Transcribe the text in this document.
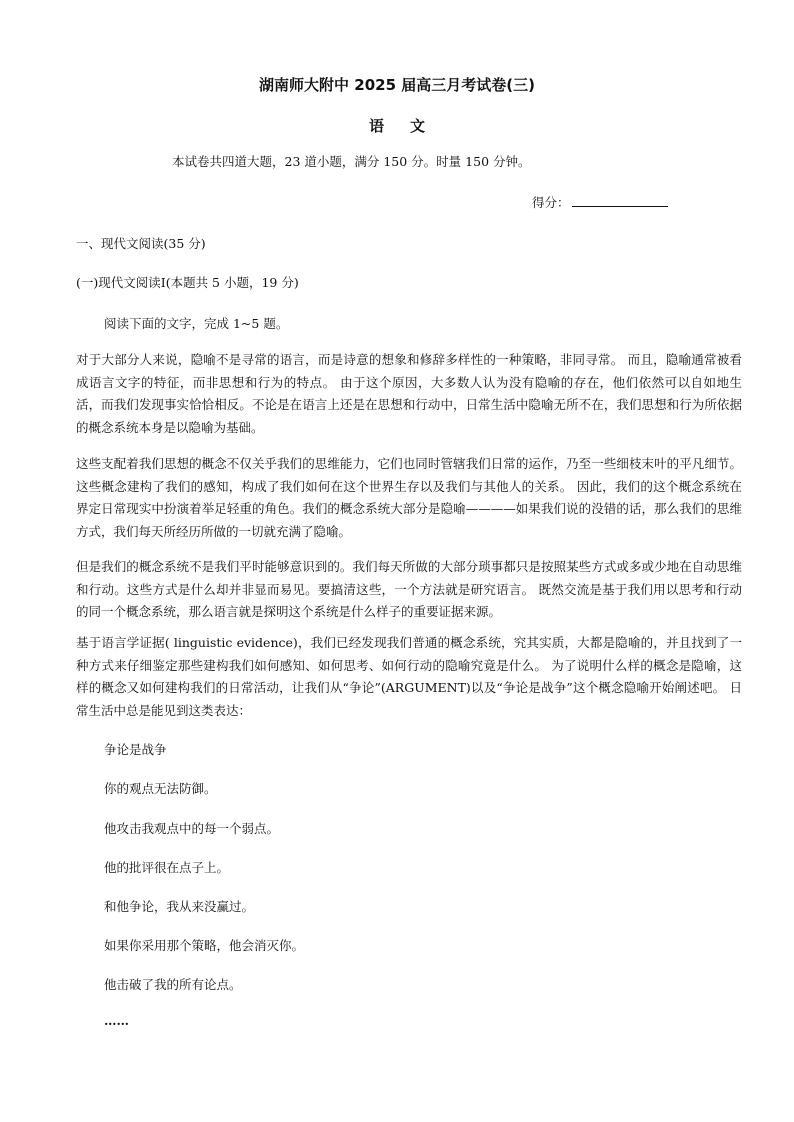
湖南师大附中 2025 届高三月考试卷(三)
语文
本试卷共四道大题，23 道小题，满分 150 分。时量 150 分钟。
得分：
一、现代文阅读(35 分)
(一)现代文阅读Ⅰ(本题共 5 小题，19 分)
阅读下面的文字，完成 1~5 题。
对于大部分人来说，隐喻不是寻常的语言，而是诗意的想象和修辞多样性的一种策略，非同寻常。 而且，隐喻通常被看成语言文字的特征，而非思想和行为的特点。 由于这个原因，大多数人认为没有隐喻的存在，他们依然可以自如地生活，而我们发现事实恰恰相反。不论是在语言上还是在思想和行动中，日常生活中隐喻无所不在，我们思想和行为所依据的概念系统本身是以隐喻为基础。
这些支配着我们思想的概念不仅关乎我们的思维能力，它们也同时管辖我们日常的运作，乃至一些细枝末叶的平凡细节。这些概念建构了我们的感知，构成了我们如何在这个世界生存以及我们与其他人的关系。 因此，我们的这个概念系统在界定日常现实中扮演着举足轻重的角色。我们的概念系统大部分是隐喻————如果我们说的没错的话，那么我们的思维方式，我们每天所经历所做的一切就充满了隐喻。
但是我们的概念系统不是我们平时能够意识到的。我们每天所做的大部分琐事都只是按照某些方式或多或少地在自动思维和行动。这些方式是什么却并非显而易见。要搞清这些，一个方法就是研究语言。 既然交流是基于我们用以思考和行动的同一个概念系统，那么语言就是探明这个系统是什么样子的重要证据来源。
基于语言学证据( linguistic evidence)，我们已经发现我们普通的概念系统，究其实质，大都是隐喻的，并且找到了一种方式来仔细鉴定那些建构我们如何感知、如何思考、如何行动的隐喻究竟是什么。 为了说明什么样的概念是隐喻，这样的概念又如何建构我们的日常活动，让我们从“争论”(ARGUMENT)以及“争论是战争”这个概念隐喻开始阐述吧。 日常生活中总是能见到这类表达：
争论是战争
你的观点无法防御。
他攻击我观点中的每一个弱点。
他的批评很在点子上。
和他争论，我从来没赢过。
如果你采用那个策略，他会消灭你。
他击破了我的所有论点。
……
